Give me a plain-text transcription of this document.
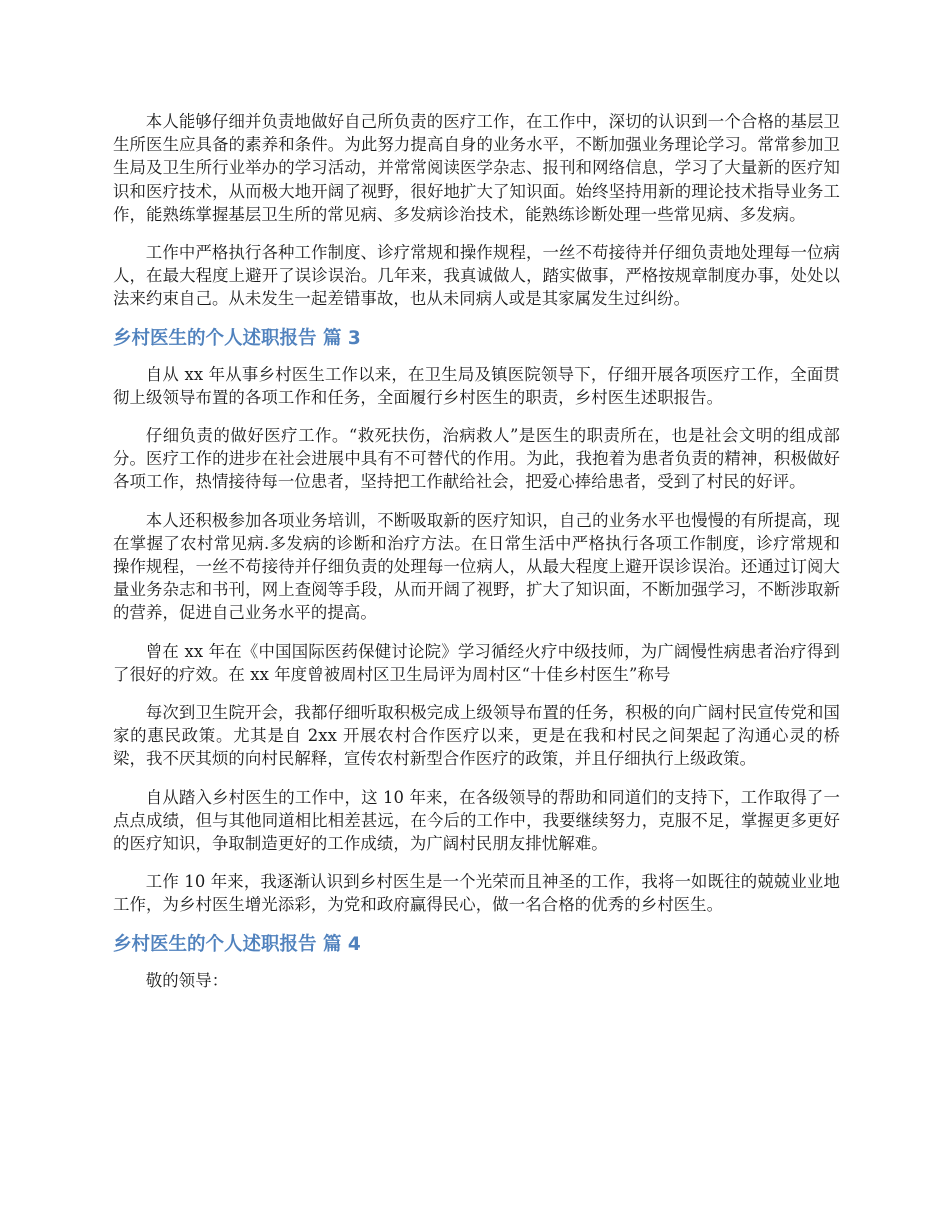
本人能够仔细并负责地做好自己所负责的医疗工作，在工作中，深切的认识到一个合格的基层卫生所医生应具备的素养和条件。为此努力提高自身的业务水平，不断加强业务理论学习。常常参加卫生局及卫生所行业举办的学习活动，并常常阅读医学杂志、报刊和网络信息，学习了大量新的医疗知识和医疗技术，从而极大地开阔了视野，很好地扩大了知识面。始终坚持用新的理论技术指导业务工作，能熟练掌握基层卫生所的常见病、多发病诊治技术，能熟练诊断处理一些常见病、多发病。

工作中严格执行各种工作制度、诊疗常规和操作规程，一丝不苟接待并仔细负责地处理每一位病人，在最大程度上避开了误诊误治。几年来，我真诚做人，踏实做事，严格按规章制度办事，处处以法来约束自己。从未发生一起差错事故，也从未同病人或是其家属发生过纠纷。

乡村医生的个人述职报告 篇 3

自从 xx 年从事乡村医生工作以来，在卫生局及镇医院领导下，仔细开展各项医疗工作，全面贯彻上级领导布置的各项工作和任务，全面履行乡村医生的职责，乡村医生述职报告。

仔细负责的做好医疗工作。“救死扶伤，治病救人”是医生的职责所在，也是社会文明的组成部分。医疗工作的进步在社会进展中具有不可替代的作用。为此，我抱着为患者负责的精神，积极做好各项工作，热情接待每一位患者，坚持把工作献给社会，把爱心捧给患者，受到了村民的好评。

本人还积极参加各项业务培训，不断吸取新的医疗知识，自己的业务水平也慢慢的有所提高，现在掌握了农村常见病.多发病的诊断和治疗方法。在日常生活中严格执行各项工作制度，诊疗常规和操作规程，一丝不苟接待并仔细负责的处理每一位病人，从最大程度上避开误诊误治。还通过订阅大量业务杂志和书刊，网上查阅等手段，从而开阔了视野，扩大了知识面，不断加强学习，不断涉取新的营养，促进自己业务水平的提高。

曾在 xx 年在《中国国际医药保健讨论院》学习循经火疗中级技师，为广阔慢性病患者治疗得到了很好的疗效。在 xx 年度曾被周村区卫生局评为周村区“十佳乡村医生”称号

每次到卫生院开会，我都仔细听取积极完成上级领导布置的任务，积极的向广阔村民宣传党和国家的惠民政策。尤其是自 2xx 开展农村合作医疗以来，更是在我和村民之间架起了沟通心灵的桥梁，我不厌其烦的向村民解释，宣传农村新型合作医疗的政策，并且仔细执行上级政策。

自从踏入乡村医生的工作中，这 10 年来，在各级领导的帮助和同道们的支持下，工作取得了一点点成绩，但与其他同道相比相差甚远，在今后的工作中，我要继续努力，克服不足，掌握更多更好的医疗知识，争取制造更好的工作成绩，为广阔村民朋友排忧解难。

工作 10 年来，我逐渐认识到乡村医生是一个光荣而且神圣的工作，我将一如既往的兢兢业业地工作，为乡村医生增光添彩，为党和政府赢得民心，做一名合格的优秀的乡村医生。

乡村医生的个人述职报告 篇 4

敬的领导：
